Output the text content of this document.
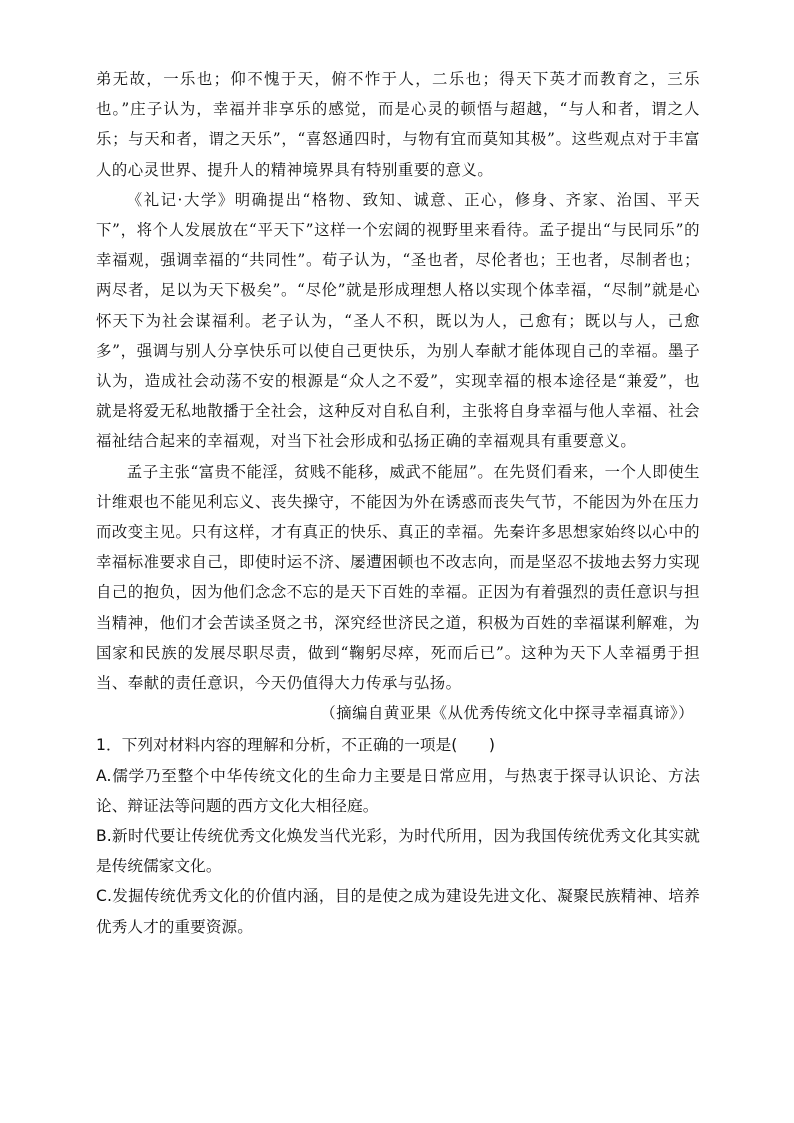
弟无故，一乐也；仰不愧于天，俯不怍于人，二乐也；得天下英才而教育之，三乐也。”庄子认为，幸福并非享乐的感觉，而是心灵的顿悟与超越，“与人和者，谓之人乐；与天和者，谓之天乐”，“喜怒通四时，与物有宜而莫知其极”。这些观点对于丰富人的心灵世界、提升人的精神境界具有特别重要的意义。

《礼记·大学》明确提出“格物、致知、诚意、正心，修身、齐家、治国、平天下”，将个人发展放在“平天下”这样一个宏阔的视野里来看待。孟子提出“与民同乐”的幸福观，强调幸福的“共同性”。荀子认为，“圣也者，尽伦者也；王也者，尽制者也；两尽者，足以为天下极矣”。“尽伦”就是形成理想人格以实现个体幸福，“尽制”就是心怀天下为社会谋福利。老子认为，“圣人不积，既以为人，己愈有；既以与人，己愈多”，强调与别人分享快乐可以使自己更快乐，为别人奉献才能体现自己的幸福。墨子认为，造成社会动荡不安的根源是“众人之不爱”，实现幸福的根本途径是“兼爱”，也就是将爱无私地散播于全社会，这种反对自私自利，主张将自身幸福与他人幸福、社会福祉结合起来的幸福观，对当下社会形成和弘扬正确的幸福观具有重要意义。

孟子主张“富贵不能淫，贫贱不能移，威武不能屈”。在先贤们看来，一个人即使生计维艰也不能见利忘义、丧失操守，不能因为外在诱惑而丧失气节，不能因为外在压力而改变主见。只有这样，才有真正的快乐、真正的幸福。先秦许多思想家始终以心中的幸福标准要求自己，即使时运不济、屡遭困顿也不改志向，而是坚忍不拔地去努力实现自己的抱负，因为他们念念不忘的是天下百姓的幸福。正因为有着强烈的责任意识与担当精神，他们才会苦读圣贤之书，深究经世济民之道，积极为百姓的幸福谋利解难，为国家和民族的发展尽职尽责，做到“鞠躬尽瘁，死而后已”。这种为天下人幸福勇于担当、奉献的责任意识，今天仍值得大力传承与弘扬。

（摘编自黄亚果《从优秀传统文化中探寻幸福真谛》）

1．下列对材料内容的理解和分析，不正确的一项是(　　)

A.儒学乃至整个中华传统文化的生命力主要是日常应用，与热衷于探寻认识论、方法论、辩证法等问题的西方文化大相径庭。

B.新时代要让传统优秀文化焕发当代光彩，为时代所用，因为我国传统优秀文化其实就是传统儒家文化。

C.发掘传统优秀文化的价值内涵，目的是使之成为建设先进文化、凝聚民族精神、培养优秀人才的重要资源。
